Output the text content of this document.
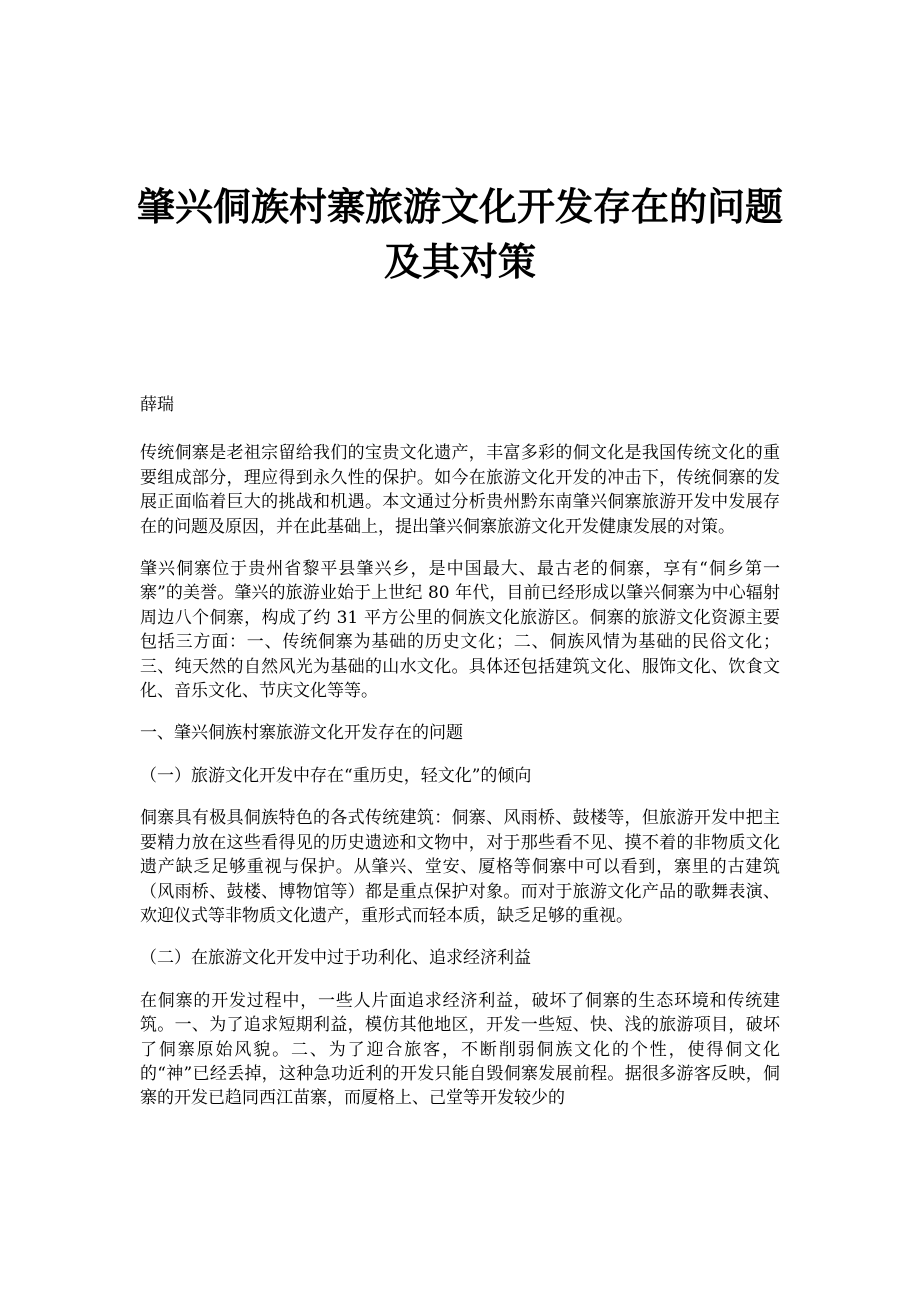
肇兴侗族村寨旅游文化开发存在的问题
及其对策

薛瑞

传统侗寨是老祖宗留给我们的宝贵文化遗产，丰富多彩的侗文化是我国传统文化的重要组成部分，理应得到永久性的保护。如今在旅游文化开发的冲击下，传统侗寨的发展正面临着巨大的挑战和机遇。本文通过分析贵州黔东南肇兴侗寨旅游开发中发展存在的问题及原因，并在此基础上，提出肇兴侗寨旅游文化开发健康发展的对策。

肇兴侗寨位于贵州省黎平县肇兴乡，是中国最大、最古老的侗寨，享有“侗乡第一寨”的美誉。肇兴的旅游业始于上世纪 80 年代，目前已经形成以肇兴侗寨为中心辐射周边八个侗寨，构成了约 31 平方公里的侗族文化旅游区。侗寨的旅游文化资源主要包括三方面：一、传统侗寨为基础的历史文化；二、侗族风情为基础的民俗文化；三、纯天然的自然风光为基础的山水文化。具体还包括建筑文化、服饰文化、饮食文化、音乐文化、节庆文化等等。

一、肇兴侗族村寨旅游文化开发存在的问题

（一）旅游文化开发中存在“重历史，轻文化”的倾向

侗寨具有极具侗族特色的各式传统建筑：侗寨、风雨桥、鼓楼等，但旅游开发中把主要精力放在这些看得见的历史遗迹和文物中，对于那些看不见、摸不着的非物质文化遗产缺乏足够重视与保护。从肇兴、堂安、厦格等侗寨中可以看到，寨里的古建筑（风雨桥、鼓楼、博物馆等）都是重点保护对象。而对于旅游文化产品的歌舞表演、欢迎仪式等非物质文化遗产，重形式而轻本质，缺乏足够的重视。

（二）在旅游文化开发中过于功利化、追求经济利益

在侗寨的开发过程中，一些人片面追求经济利益，破坏了侗寨的生态环境和传统建筑。一、为了追求短期利益，模仿其他地区，开发一些短、快、浅的旅游项目，破坏了侗寨原始风貌。二、为了迎合旅客，不断削弱侗族文化的个性，使得侗文化的“神”已经丢掉，这种急功近利的开发只能自毁侗寨发展前程。据很多游客反映，侗寨的开发已趋同西江苗寨，而厦格上、己堂等开发较少的
